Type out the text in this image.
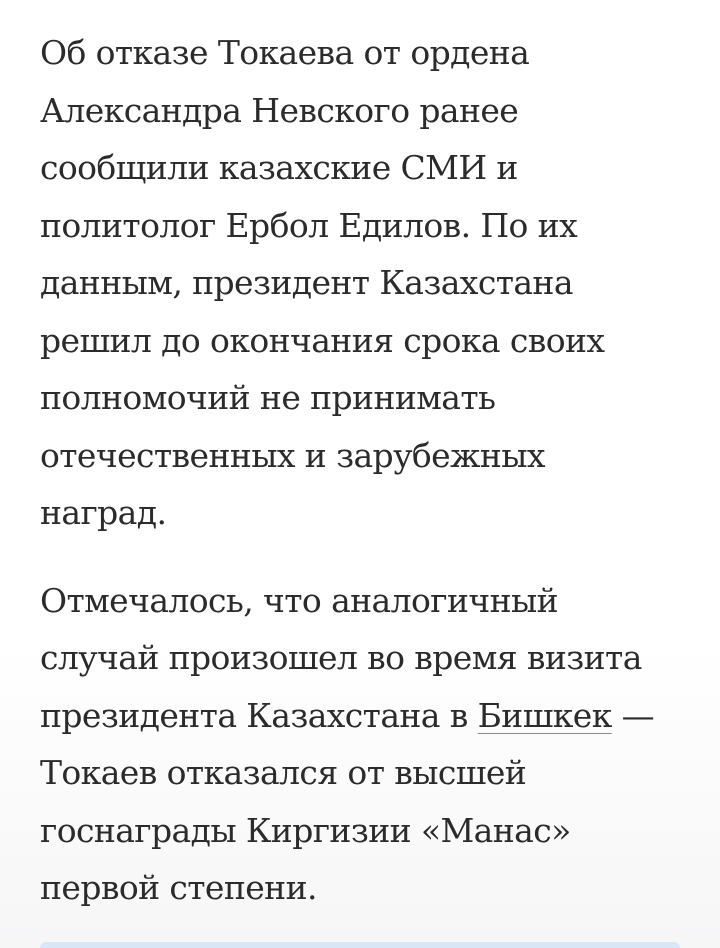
Об отказе Токаева от ордена
Александра Невского ранее
сообщили казахские СМИ и
политолог Ербол Едилов. По их
данным, президент Казахстана
решил до окончания срока своих
полномочий не принимать
отечественных и зарубежных
наград.

Отмечалось, что аналогичный
случай произошел во время визита
президента Казахстана в Бишкек —
Токаев отказался от высшей
госнаграды Киргизии «Манас»
первой степени.
